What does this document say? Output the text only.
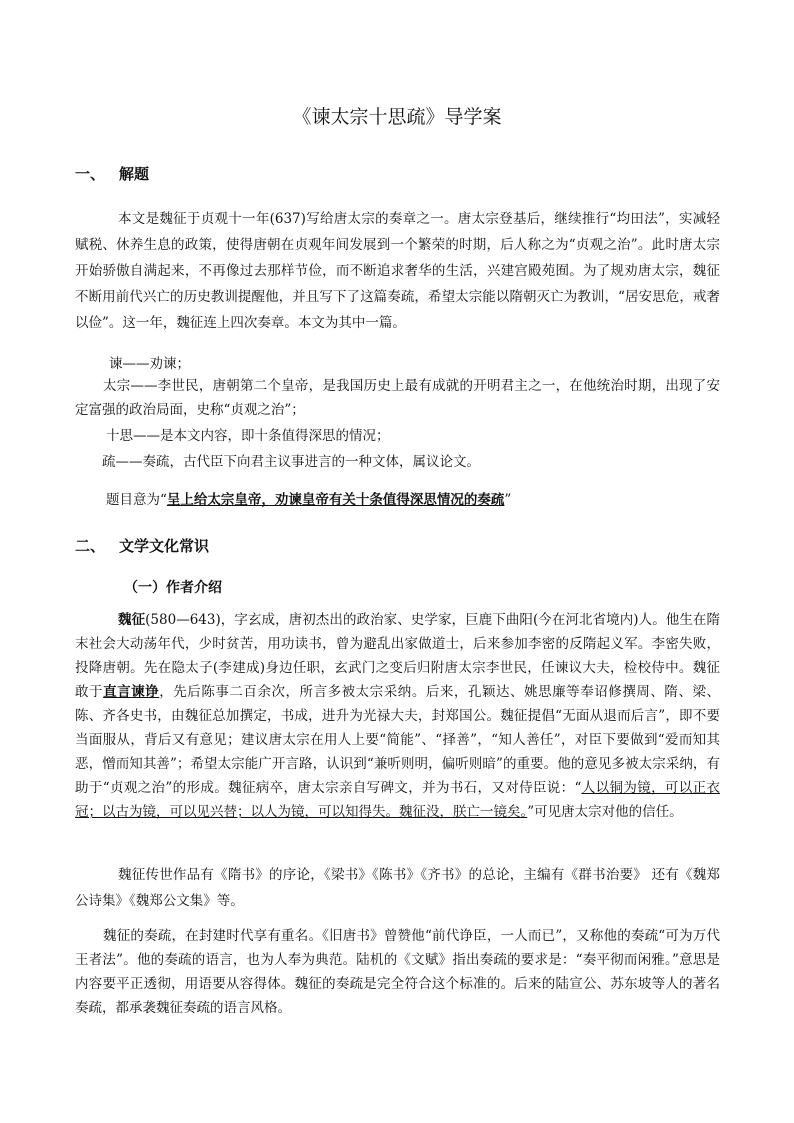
《谏太宗十思疏》导学案
一、 解题
本文是魏征于贞观十一年(637)写给唐太宗的奏章之一。唐太宗登基后，继续推行“均田法”，实减轻赋税、休养生息的政策，使得唐朝在贞观年间发展到一个繁荣的时期，后人称之为“贞观之治”。此时唐太宗开始骄傲自满起来，不再像过去那样节俭，而不断追求奢华的生活，兴建宫殿苑囿。为了规劝唐太宗，魏征不断用前代兴亡的历史教训提醒他，并且写下了这篇奏疏，希望太宗能以隋朝灭亡为教训，“居安思危，戒奢以俭”。这一年，魏征连上四次奏章。本文为其中一篇。
谏——劝谏；
太宗——李世民，唐朝第二个皇帝，是我国历史上最有成就的开明君主之一，在他统治时期，出现了安定富强的政治局面，史称“贞观之治”；
十思——是本文内容，即十条值得深思的情况；
疏——奏疏，古代臣下向君主议事进言的一种文体，属议论文。
题目意为“呈上给太宗皇帝，劝谏皇帝有关十条值得深思情况的奏疏”
二、 文学文化常识
（一）作者介绍
魏征(580—643)，字玄成，唐初杰出的政治家、史学家，巨鹿下曲阳(今在河北省境内)人。他生在隋末社会大动荡年代，少时贫苦，用功读书，曾为避乱出家做道士，后来参加李密的反隋起义军。李密失败，投降唐朝。先在隐太子(李建成)身边任职，玄武门之变后归附唐太宗李世民，任谏议大夫，检校侍中。魏征敢于直言谏诤，先后陈事二百余次，所言多被太宗采纳。后来，孔颖达、姚思廉等奉诏修撰周、隋、梁、陈、齐各史书，由魏征总加撰定，书成，进升为光禄大夫，封郑国公。魏征提倡“无面从退而后言”，即不要当面服从，背后又有意见；建议唐太宗在用人上要“简能”、“择善”，“知人善任”，对臣下要做到“爱而知其恶，憎而知其善”；希望太宗能广开言路，认识到“兼听则明，偏听则暗”的重要。他的意见多被太宗采纳，有助于“贞观之治”的形成。魏征病卒，唐太宗亲自写碑文，并为书石，又对侍臣说：“人以铜为镜，可以正衣冠；以古为镜，可以见兴替；以人为镜，可以知得失。魏征没，朕亡一镜矣。”可见唐太宗对他的信任。
魏征传世作品有《隋书》的序论，《梁书》《陈书》《齐书》的总论，主编有《群书治要》 还有《魏郑公诗集》《魏郑公文集》等。
魏征的奏疏，在封建时代享有重名。《旧唐书》曾赞他“前代诤臣，一人而已”，又称他的奏疏“可为万代王者法”。他的奏疏的语言，也为人奉为典范。陆机的《文赋》指出奏疏的要求是：“奏平彻而闲雅。”意思是内容要平正透彻，用语要从容得体。魏征的奏疏是完全符合这个标准的。后来的陆宣公、苏东坡等人的著名奏疏，都承袭魏征奏疏的语言风格。
